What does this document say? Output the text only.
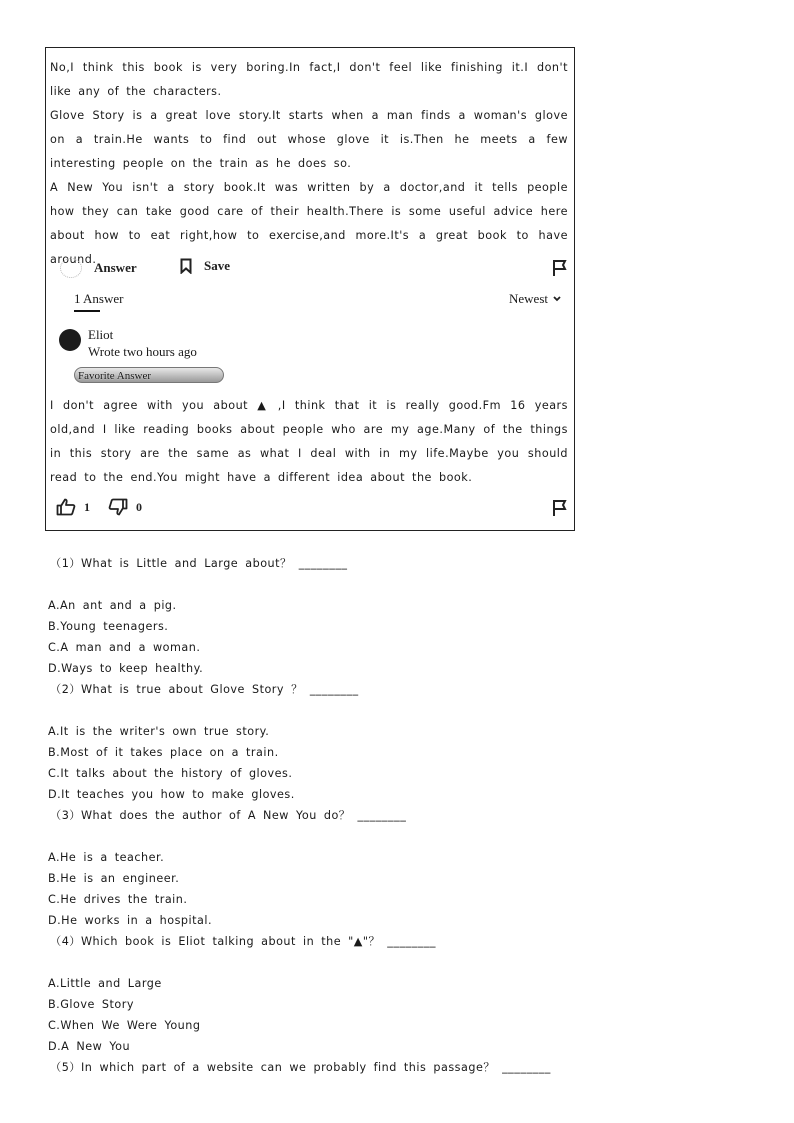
No,I think this book is very boring.In fact,I don't feel like finishing it.I don't like any of the characters.

Glove Story is a great love story.It starts when a man finds a woman's glove on a train.He wants to find out whose glove it is.Then he meets a few interesting people on the train as he does so.

A New You isn't a story book.It was written by a doctor,and it tells people how they can take good care of their health.There is some useful advice here about how to eat right,how to exercise,and more.It's a great book to have around.

Answer	Save
1 Answer	Newest
Eliot
Wrote two hours ago
Favorite Answer

I don't agree with you about ▲ ,I think that it is really good.Fm 16 years old,and I like reading books about people who are my age.Many of the things in this story are the same as what I deal with in my life.Maybe you should read to the end.You might have a different idea about the book.

1	0
（1）What is Little and Large about？ ________
A.An ant and a pig.
B.Young teenagers.
C.A man and a woman.
D.Ways to keep healthy.
（2）What is true about Glove Story ？ ________
A.It is the writer's own true story.
B.Most of it takes place on a train.
C.It talks about the history of gloves.
D.It teaches you how to make gloves.
（3）What does the author of A New You do？ ________
A.He is a teacher.
B.He is an engineer.
C.He drives the train.
D.He works in a hospital.
（4）Which book is Eliot talking about in the "▲"？ ________
A.Little and Large
B.Glove Story
C.When We Were Young
D.A New You
（5）In which part of a website can we probably find this passage？ ________
